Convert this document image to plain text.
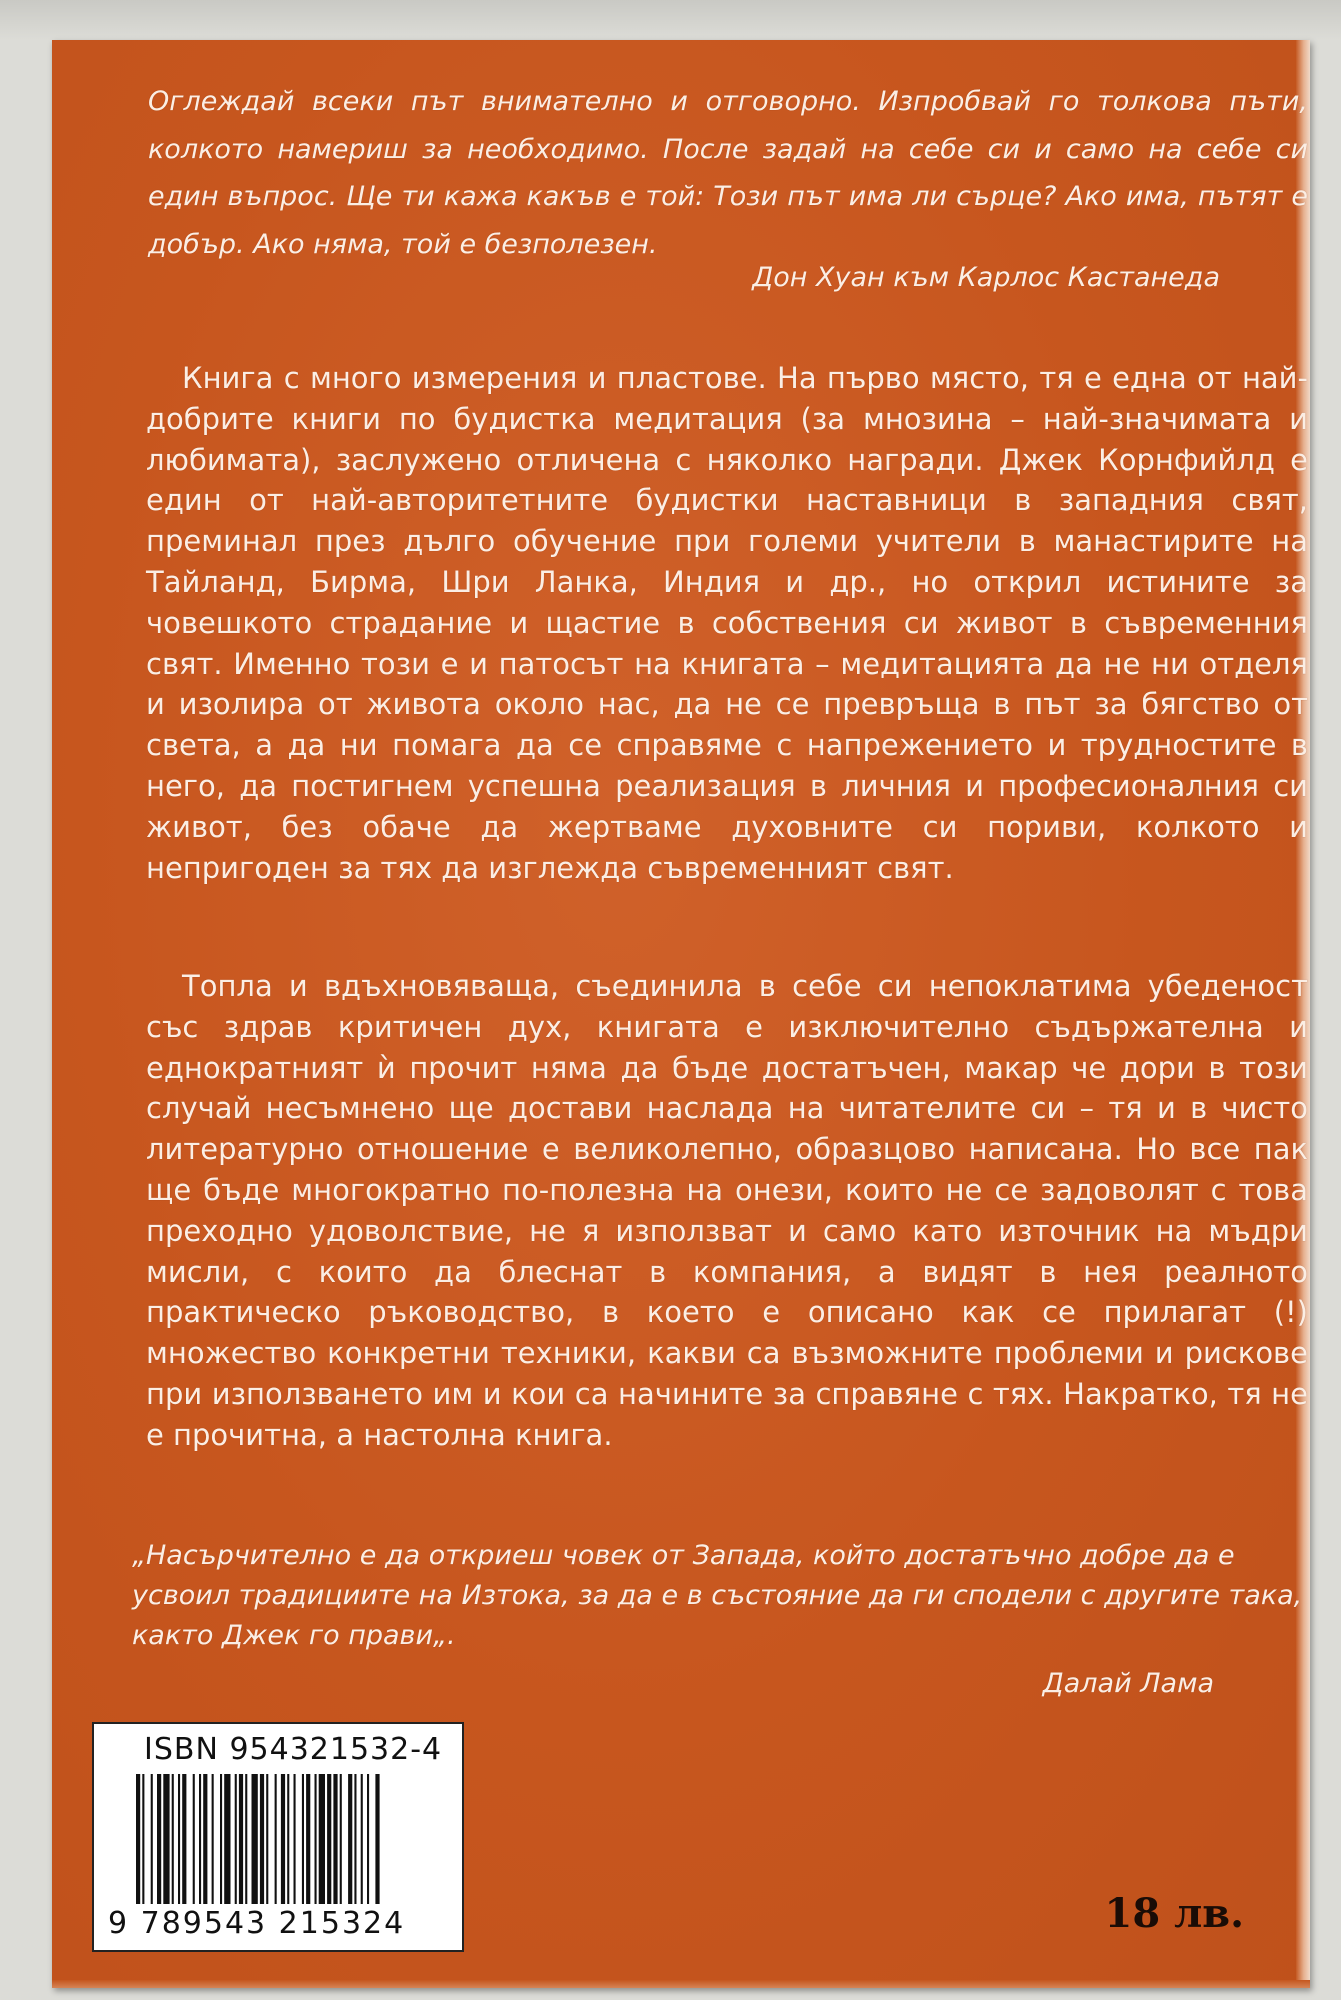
Оглеждай всеки път внимателно и отговорно. Изпробвай го толкова пъти, колкото намериш за необходимо. После задай на себе си и само на себе си един въпрос. Ще ти кажа какъв е той: Този път има ли сърце? Ако има, пътят е добър. Ако няма, той е безполезен.

Дон Хуан към Карлос Кастанеда

Книга с много измерения и пластове. На първо място, тя е една от най-добрите книги по будистка медитация (за мнозина – най-значимата и любимата), заслужено отличена с няколко награди. Джек Корнфийлд е един от най-авторитетните будистки наставници в западния свят, преминал през дълго обучение при големи учители в манастирите на Тайланд, Бирма, Шри Ланка, Индия и др., но открил истините за човешкото страдание и щастие в собствения си живот в съвременния свят. Именно този е и патосът на книгата – медитацията да не ни отделя и изолира от живота около нас, да не се превръща в път за бягство от света, а да ни помага да се справяме с напрежението и трудностите в него, да постигнем успешна реализация в личния и професионалния си живот, без обаче да жертваме духовните си пориви, колкото и непригоден за тях да изглежда съвременният свят.

Топла и вдъхновяваща, съединила в себе си непоклатима убеденост със здрав критичен дух, книгата е изключително съдържателна и еднократният ѝ прочит няма да бъде достатъчен, макар че дори в този случай несъмнено ще достави наслада на читателите си – тя и в чисто литературно отношение е великолепно, образцово написана. Но все пак ще бъде многократно по-полезна на онези, които не се задоволят с това преходно удоволствие, не я използват и само като източник на мъдри мисли, с които да блеснат в компания, а видят в нея реалното практическо ръководство, в което е описано как се прилагат (!) множество конкретни техники, какви са възможните проблеми и рискове при използването им и кои са начините за справяне с тях. Накратко, тя не е прочитна, а настолна книга.

„Насърчително е да откриеш човек от Запада, който достатъчно добре да е усвоил традициите на Изтока, за да е в състояние да ги сподели с другите така, както Джек го прави„.

Далай Лама

ISBN 954321532-4
9 789543 215324	18 лв.
